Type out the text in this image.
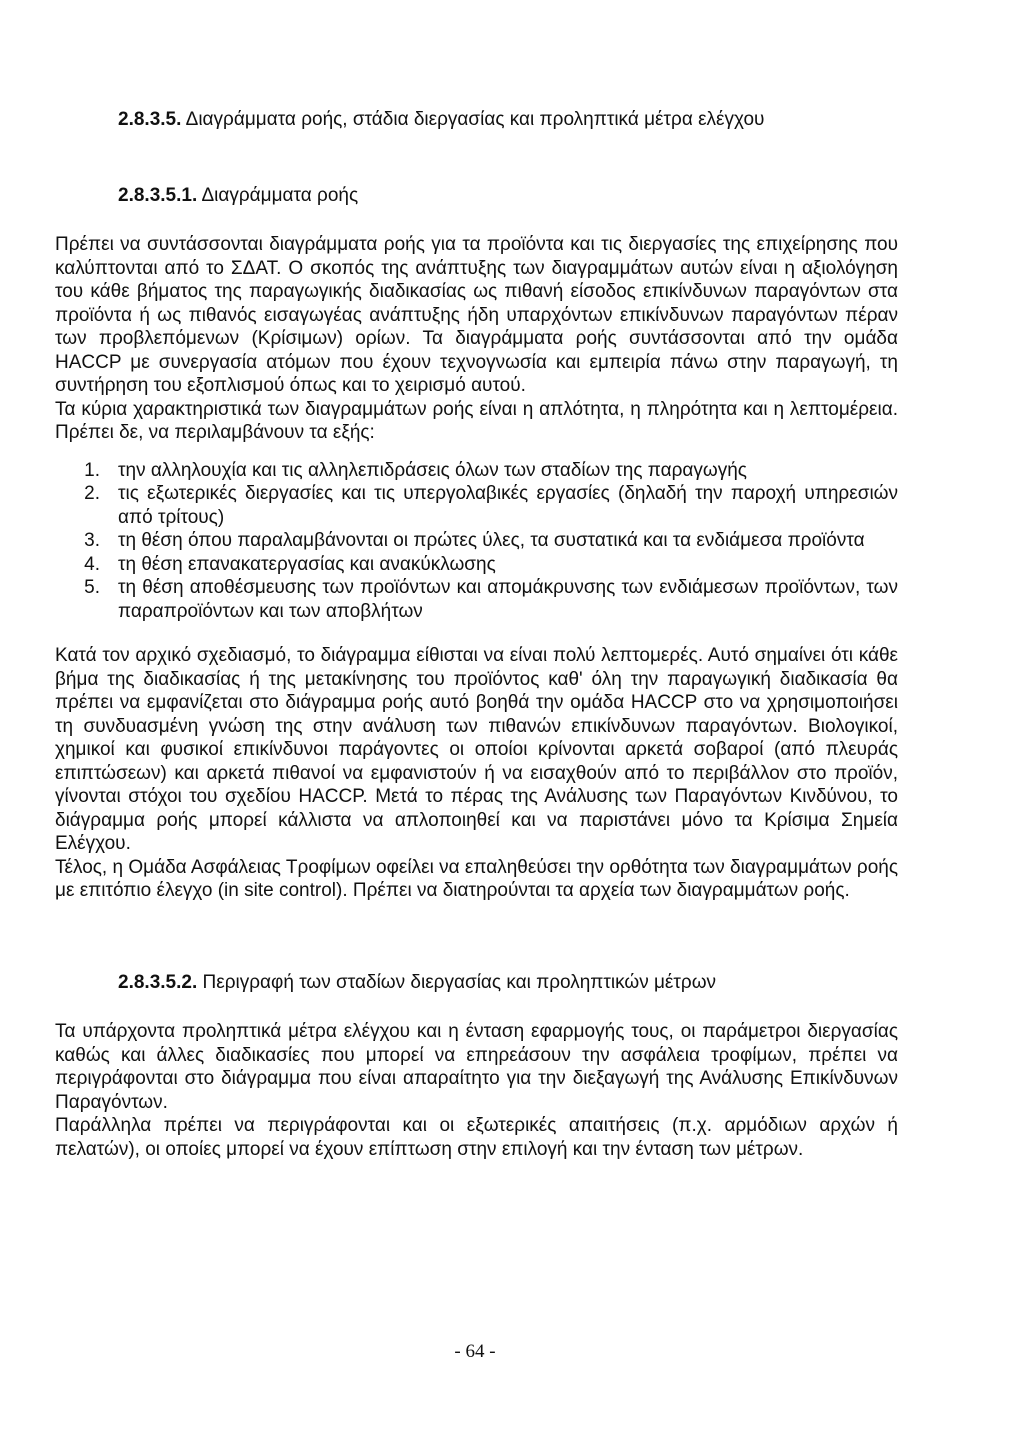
2.8.3.5. Διαγράμματα ροής, στάδια διεργασίας και προληπτικά μέτρα ελέγχου
2.8.3.5.1. Διαγράμματα ροής

Πρέπει να συντάσσονται διαγράμματα ροής για τα προϊόντα και τις διεργασίες της επιχείρησης που καλύπτονται από το ΣΔΑΤ. Ο σκοπός της ανάπτυξης των διαγραμμάτων αυτών είναι η αξιολόγηση του κάθε βήματος της παραγωγικής διαδικασίας ως πιθανή είσοδος επικίνδυνων παραγόντων στα προϊόντα ή ως πιθανός εισαγωγέας ανάπτυξης ήδη υπαρχόντων επικίνδυνων παραγόντων πέραν των προβλεπόμενων (Κρίσιμων) ορίων. Τα διαγράμματα ροής συντάσσονται από την ομάδα HACCP με συνεργασία ατόμων που έχουν τεχνογνωσία και εμπειρία πάνω στην παραγωγή, τη συντήρηση του εξοπλισμού όπως και το χειρισμό αυτού.

Τα κύρια χαρακτηριστικά των διαγραμμάτων ροής είναι η απλότητα, η πληρότητα και η λεπτομέρεια. Πρέπει δε, να περιλαμβάνουν τα εξής:

1. την αλληλουχία και τις αλληλεπιδράσεις όλων των σταδίων της παραγωγής
2. τις εξωτερικές διεργασίες και τις υπεργολαβικές εργασίες (δηλαδή την παροχή υπηρεσιών από τρίτους)
3. τη θέση όπου παραλαμβάνονται οι πρώτες ύλες, τα συστατικά και τα ενδιάμεσα προϊόντα
4. τη θέση επανακατεργασίας και ανακύκλωσης
5. τη θέση αποθέσμευσης των προϊόντων και απομάκρυνσης των ενδιάμεσων προϊόντων, των παραπροϊόντων και των αποβλήτων

Κατά τον αρχικό σχεδιασμό, το διάγραμμα είθισται να είναι πολύ λεπτομερές. Αυτό σημαίνει ότι κάθε βήμα της διαδικασίας ή της μετακίνησης του προϊόντος καθ' όλη την παραγωγική διαδικασία θα πρέπει να εμφανίζεται στο διάγραμμα ροής αυτό βοηθά την ομάδα HACCP στο να χρησιμοποιήσει τη συνδυασμένη γνώση της στην ανάλυση των πιθανών επικίνδυνων παραγόντων. Βιολογικοί, χημικοί και φυσικοί επικίνδυνοι παράγοντες οι οποίοι κρίνονται αρκετά σοβαροί (από πλευράς επιπτώσεων) και αρκετά πιθανοί να εμφανιστούν ή να εισαχθούν από το περιβάλλον στο προϊόν, γίνονται στόχοι του σχεδίου HACCP. Μετά το πέρας της Ανάλυσης των Παραγόντων Κινδύνου, το διάγραμμα ροής μπορεί κάλλιστα να απλοποιηθεί και να παριστάνει μόνο τα Κρίσιμα Σημεία Ελέγχου.

Τέλος, η Ομάδα Ασφάλειας Τροφίμων οφείλει να επαληθεύσει την ορθότητα των διαγραμμάτων ροής με επιτόπιο έλεγχο (in site control). Πρέπει να διατηρούνται τα αρχεία των διαγραμμάτων ροής.

2.8.3.5.2. Περιγραφή των σταδίων διεργασίας και προληπτικών μέτρων

Τα υπάρχοντα προληπτικά μέτρα ελέγχου και η ένταση εφαρμογής τους, οι παράμετροι διεργασίας καθώς και άλλες διαδικασίες που μπορεί να επηρεάσουν την ασφάλεια τροφίμων, πρέπει να περιγράφονται στο διάγραμμα που είναι απαραίτητο για την διεξαγωγή της Ανάλυσης Επικίνδυνων Παραγόντων.

Παράλληλα πρέπει να περιγράφονται και οι εξωτερικές απαιτήσεις (π.χ. αρμόδιων αρχών ή πελατών), οι οποίες μπορεί να έχουν επίπτωση στην επιλογή και την ένταση των μέτρων.

- 64 -
